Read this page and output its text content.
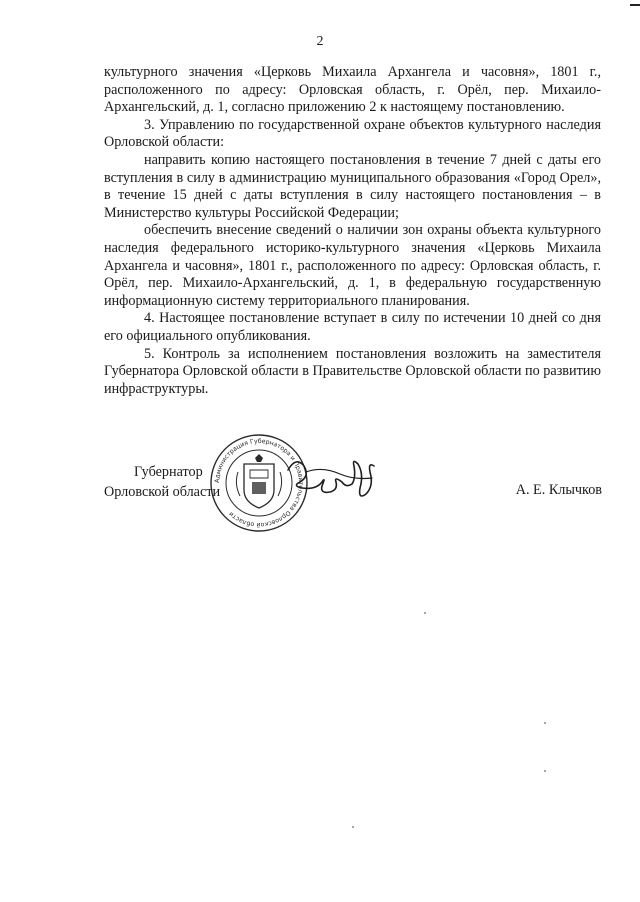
2

культурного значения «Церковь Михаила Архангела и часовня», 1801 г., расположенного по адресу: Орловская область, г. Орёл, пер. Михаило-Архангельский, д. 1, согласно приложению 2 к настоящему постановлению.

3. Управлению по государственной охране объектов культурного наследия Орловской области:

направить копию настоящего постановления в течение 7 дней с даты его вступления в силу в администрацию муниципального образования «Город Орел», в течение 15 дней с даты вступления в силу настоящего постановления – в Министерство культуры Российской Федерации;

обеспечить внесение сведений о наличии зон охраны объекта культурного наследия федерального историко-культурного значения «Церковь Михаила Архангела и часовня», 1801 г., расположенного по адресу: Орловская область, г. Орёл, пер. Михаило-Архангельский, д. 1, в федеральную государственную информационную систему территориального планирования.

4. Настоящее постановление вступает в силу по истечении 10 дней со дня его официального опубликования.

5. Контроль за исполнением постановления возложить на заместителя Губернатора Орловской области в Правительстве Орловской области по развитию инфраструктуры.

Администрация Губернатора и Правительства Орловской области
Губернатор
Орловской области	А. Е. Клычков
